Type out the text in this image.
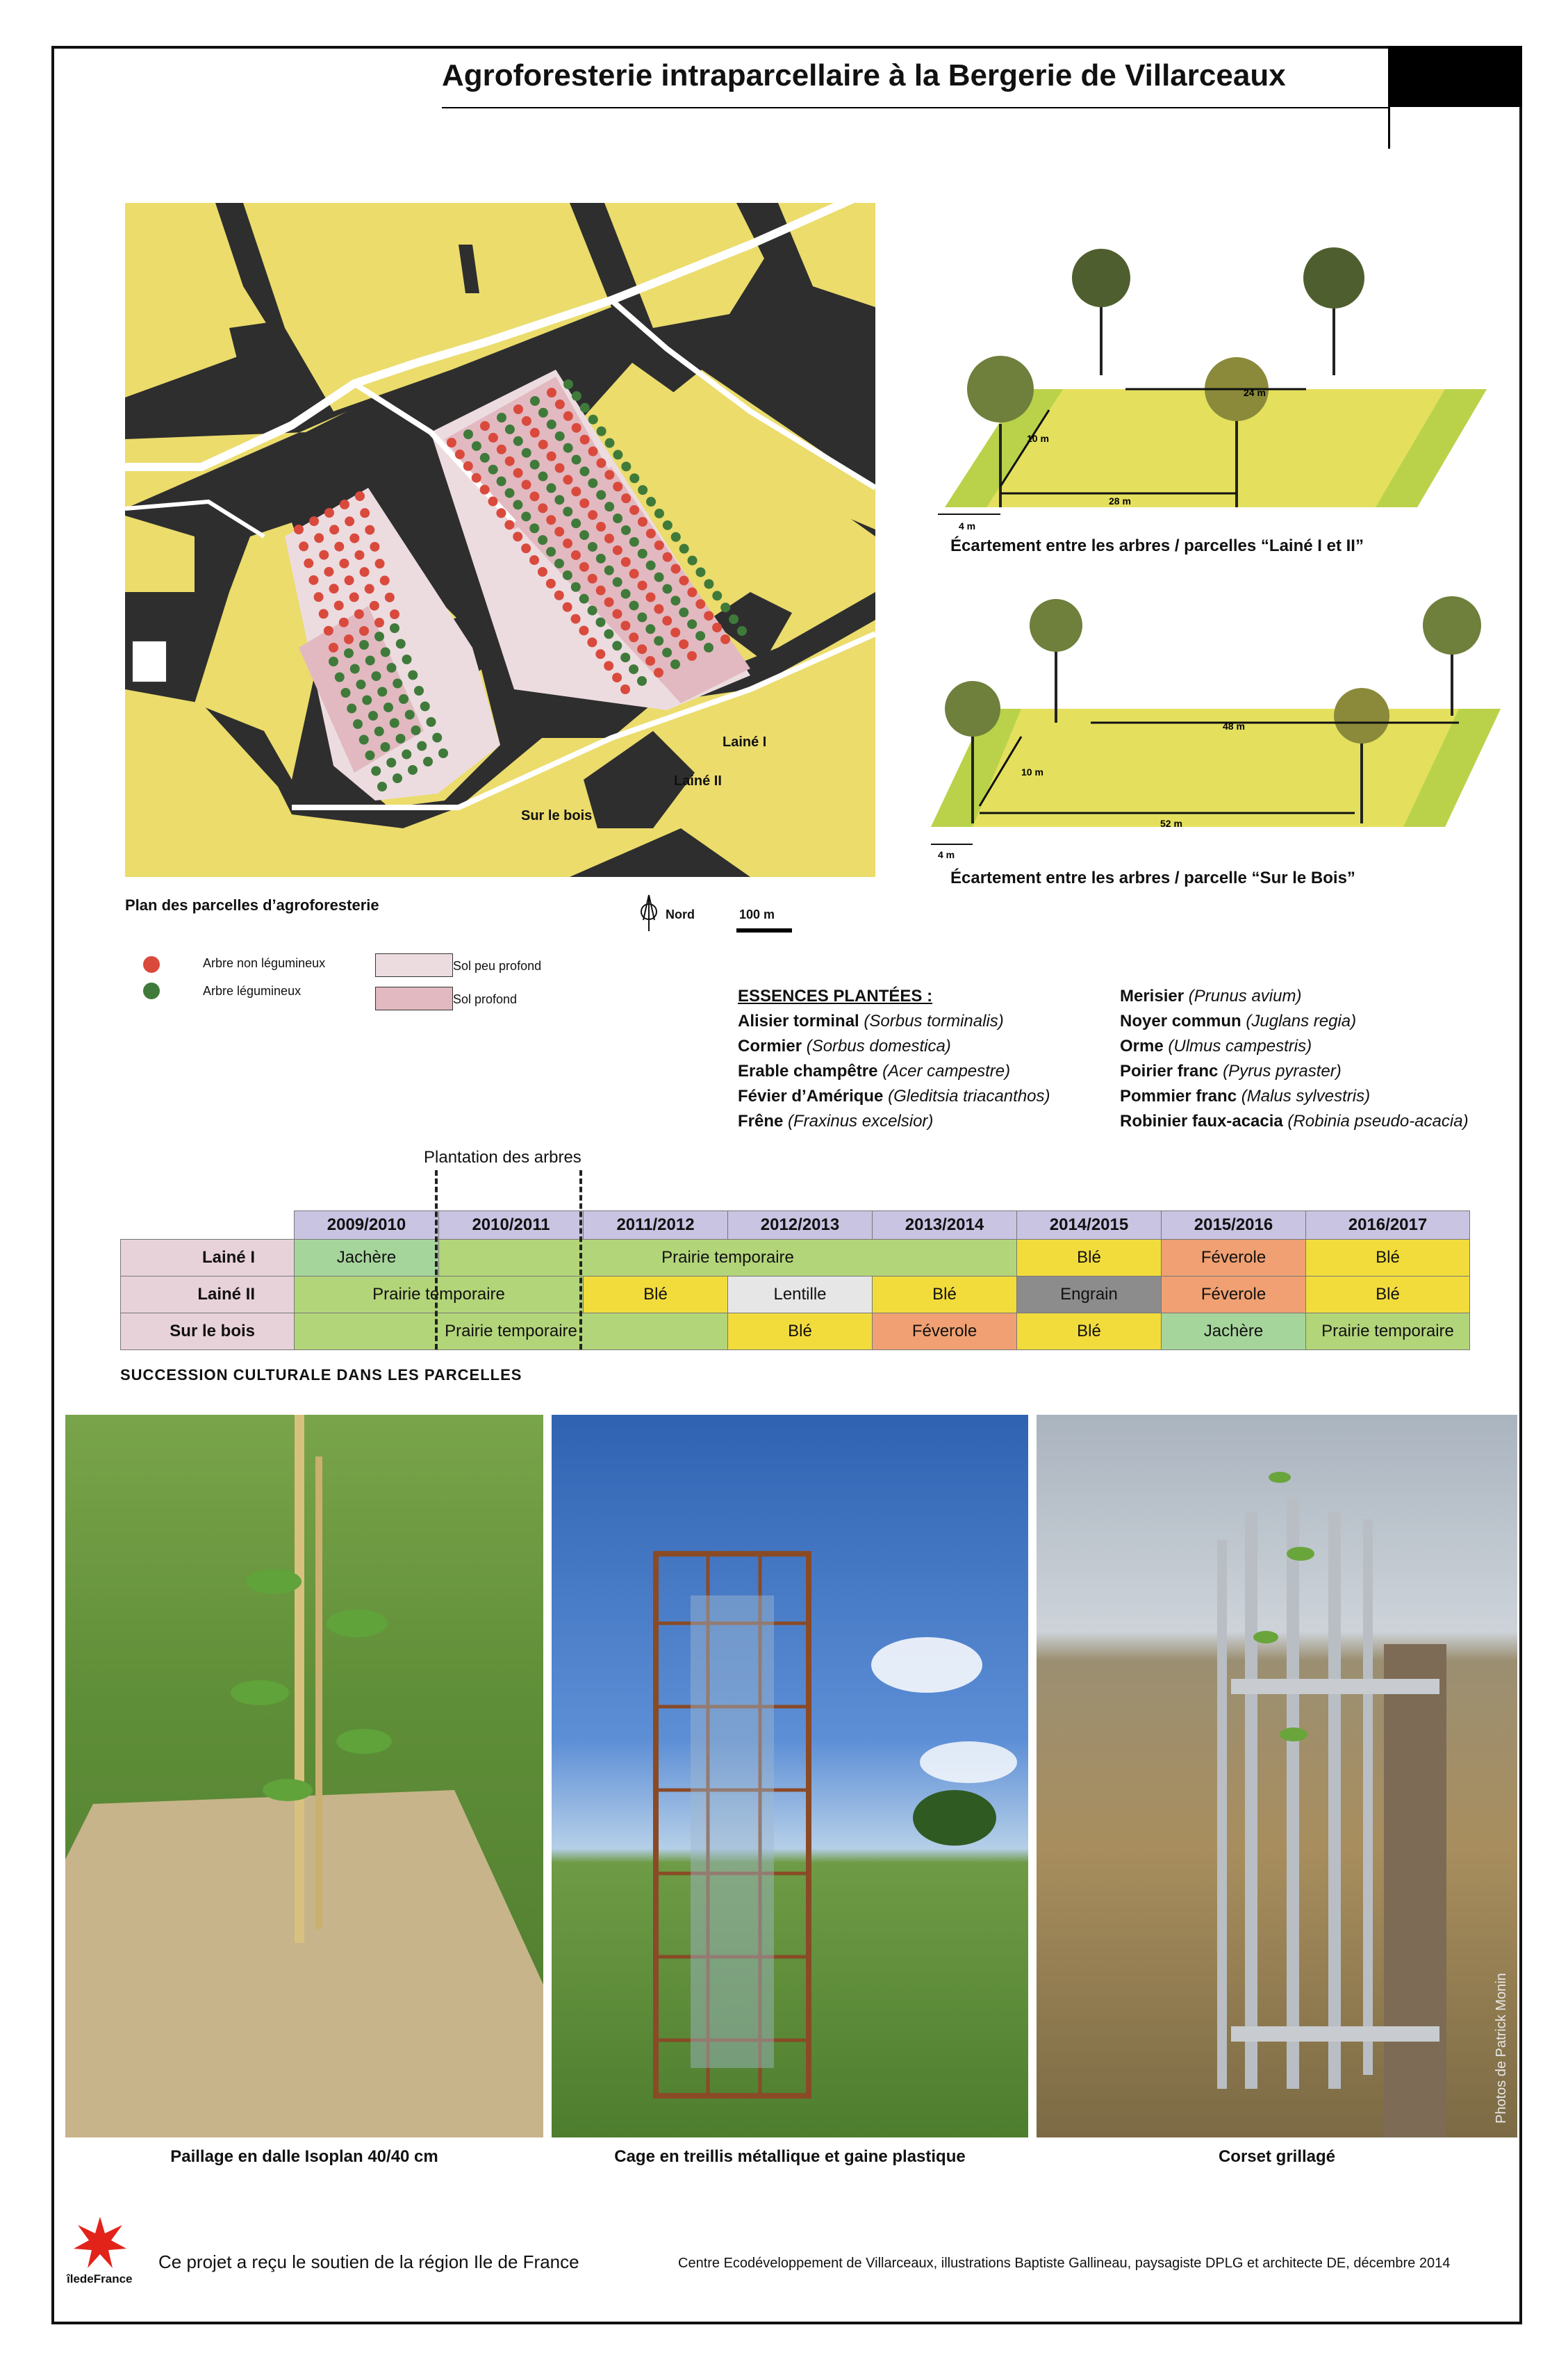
Agroforesterie intraparcellaire à la Bergerie de Villarceaux
Lainé I
Lainé II
Sur le bois
Plan des parcelles d’agroforesterie
Nord	100 m
Arbre non légumineux
Arbre légumineux
Sol peu profond
Sol profond
24 m
10 m
28 m
4 m
Écartement entre les arbres / parcelles “Lainé I et II”
48 m
10 m
52 m
4 m
Écartement entre les arbres / parcelle “Sur le Bois”
ESSENCES PLANTÉES :
Alisier torminal (Sorbus torminalis)
Cormier (Sorbus domestica)
Erable champêtre (Acer campestre)
Févier d’Amérique (Gleditsia triacanthos)
Frêne (Fraxinus excelsior)
Merisier (Prunus avium)
Noyer commun (Juglans regia)
Orme (Ulmus campestris)
Poirier franc (Pyrus pyraster)
Pommier franc (Malus sylvestris)
Robinier faux-acacia (Robinia pseudo-acacia)
Plantation des arbres
	2009/2010	2010/2011	2011/2012	2012/2013	2013/2014	2014/2015	2015/2016	2016/2017
Lainé I	Jachère	Prairie temporaire				Blé	Féverole	Blé
Lainé II	Prairie temporaire		Blé	Lentille	Blé	Engrain	Féverole	Blé
Sur le bois	Prairie temporaire			Blé	Féverole	Blé	Jachère	Prairie temporaire
SUCCESSION CULTURALE DANS LES PARCELLES
Paillage en dalle Isoplan 40/40 cm	Cage en treillis métallique et gaine plastique
Photos de Patrick Monin
Corset grillagé
îledeFrance
Ce projet a reçu le soutien de la région Ile de France	Centre Ecodéveloppement de Villarceaux, illustrations Baptiste Gallineau, paysagiste DPLG et architecte DE, décembre 2014
